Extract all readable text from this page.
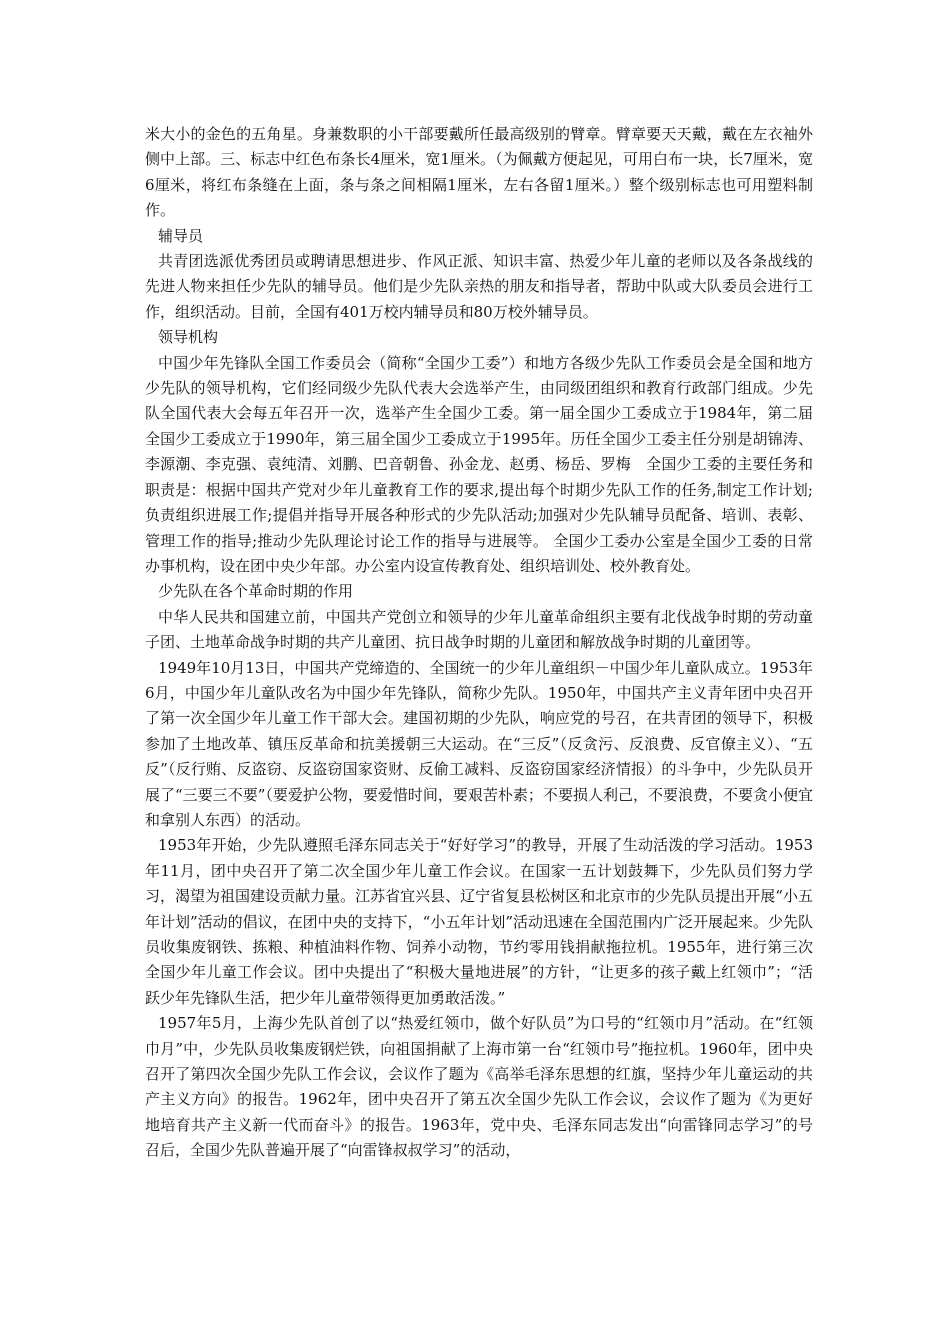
米大小的金色的五角星。身兼数职的小干部要戴所任最高级别的臂章。臂章要天天戴，戴在左衣袖外侧中上部。三、标志中红色布条长4厘米，宽1厘米。（为佩戴方便起见，可用白布一块，长7厘米，宽6厘米，将红布条缝在上面，条与条之间相隔1厘米，左右各留1厘米。）整个级别标志也可用塑料制作。

辅导员

共青团选派优秀团员或聘请思想进步、作风正派、知识丰富、热爱少年儿童的老师以及各条战线的先进人物来担任少先队的辅导员。他们是少先队亲热的朋友和指导者，帮助中队或大队委员会进行工作，组织活动。目前，全国有401万校内辅导员和80万校外辅导员。

领导机构

中国少年先锋队全国工作委员会（简称“全国少工委”）和地方各级少先队工作委员会是全国和地方少先队的领导机构，它们经同级少先队代表大会选举产生，由同级团组织和教育行政部门组成。少先队全国代表大会每五年召开一次，选举产生全国少工委。第一届全国少工委成立于1984年，第二届全国少工委成立于1990年，第三届全国少工委成立于1995年。历任全国少工委主任分别是胡锦涛、李源潮、李克强、袁纯清、刘鹏、巴音朝鲁、孙金龙、赵勇、杨岳、罗梅　全国少工委的主要任务和职责是：根据中国共产党对少年儿童教育工作的要求,提出每个时期少先队工作的任务,制定工作计划;负责组织进展工作;提倡并指导开展各种形式的少先队活动;加强对少先队辅导员配备、培训、表彰、管理工作的指导;推动少先队理论讨论工作的指导与进展等。 全国少工委办公室是全国少工委的日常办事机构，设在团中央少年部。办公室内设宣传教育处、组织培训处、校外教育处。

少先队在各个革命时期的作用

中华人民共和国建立前，中国共产党创立和领导的少年儿童革命组织主要有北伐战争时期的劳动童子团、土地革命战争时期的共产儿童团、抗日战争时期的儿童团和解放战争时期的儿童团等。

1949年10月13日，中国共产党缔造的、全国统一的少年儿童组织－中国少年儿童队成立。1953年6月，中国少年儿童队改名为中国少年先锋队，简称少先队。1950年，中国共产主义青年团中央召开了第一次全国少年儿童工作干部大会。建国初期的少先队，响应党的号召，在共青团的领导下，积极参加了土地改革、镇压反革命和抗美援朝三大运动。在“三反”（反贪污、反浪费、反官僚主义）、“五反”（反行贿、反盗窃、反盗窃国家资财、反偷工减料、反盗窃国家经济情报）的斗争中，少先队员开展了“三要三不要”（要爱护公物，要爱惜时间，要艰苦朴素；不要损人利己，不要浪费，不要贪小便宜和拿别人东西）的活动。

1953年开始，少先队遵照毛泽东同志关于“好好学习”的教导，开展了生动活泼的学习活动。1953年11月，团中央召开了第二次全国少年儿童工作会议。在国家一五计划鼓舞下，少先队员们努力学习，渴望为祖国建设贡献力量。江苏省宜兴县、辽宁省复县松树区和北京市的少先队员提出开展“小五年计划”活动的倡议，在团中央的支持下，“小五年计划”活动迅速在全国范围内广泛开展起来。少先队员收集废钢铁、拣粮、种植油料作物、饲养小动物，节约零用钱捐献拖拉机。1955年，进行第三次全国少年儿童工作会议。团中央提出了“积极大量地进展”的方针，“让更多的孩子戴上红领巾”；“活跃少年先锋队生活，把少年儿童带领得更加勇敢活泼。”

1957年5月，上海少先队首创了以“热爱红领巾，做个好队员”为口号的“红领巾月”活动。在“红领巾月”中，少先队员收集废钢烂铁，向祖国捐献了上海市第一台“红领巾号”拖拉机。1960年，团中央召开了第四次全国少先队工作会议，会议作了题为《高举毛泽东思想的红旗，坚持少年儿童运动的共产主义方向》的报告。1962年，团中央召开了第五次全国少先队工作会议，会议作了题为《为更好地培育共产主义新一代而奋斗》的报告。1963年，党中央、毛泽东同志发出“向雷锋同志学习”的号召后，全国少先队普遍开展了“向雷锋叔叔学习”的活动，
